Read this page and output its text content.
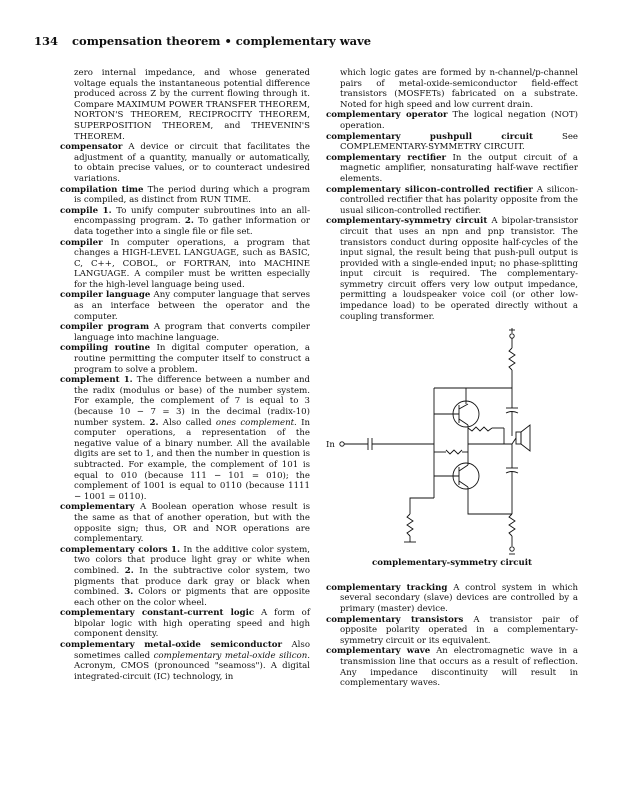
134 compensation theorem • complementary wave

zero internal impedance, and whose generated voltage equals the instantaneous potential difference produced across Z by the current flowing through it. Compare MAXIMUM POWER TRANSFER THEOREM, NORTON'S THEOREM, RECIPROCITY THEOREM, SUPERPOSITION THEOREM, and THEVENIN'S THEOREM.

compensator A device or circuit that facilitates the adjustment of a quantity, manually or automatically, to obtain precise values, or to counteract undesired variations.

compilation time The period during which a program is compiled, as distinct from RUN TIME.

compile 1. To unify computer subroutines into an all-encompassing program. 2. To gather information or data together into a single file or file set.

compiler In computer operations, a program that changes a HIGH-LEVEL LANGUAGE, such as BASIC, C, C++, COBOL, or FORTRAN, into MACHINE LANGUAGE. A compiler must be written especially for the high-level language being used.

compiler language Any computer language that serves as an interface between the operator and the computer.

compiler program A program that converts compiler language into machine language.

compiling routine In digital computer operation, a routine permitting the computer itself to construct a program to solve a problem.

complement 1. The difference between a number and the radix (modulus or base) of the number system. For example, the complement of 7 is equal to 3 (because 10 − 7 = 3) in the decimal (radix-10) number system. 2. Also called ones complement. In computer operations, a representation of the negative value of a binary number. All the available digits are set to 1, and then the number in question is subtracted. For example, the complement of 101 is equal to 010 (because 111 − 101 = 010); the complement of 1001 is equal to 0110 (because 1111 − 1001 = 0110).

complementary A Boolean operation whose result is the same as that of another operation, but with the opposite sign; thus, OR and NOR operations are complementary.

complementary colors 1. In the additive color system, two colors that produce light gray or white when combined. 2. In the subtractive color system, two pigments that produce dark gray or black when combined. 3. Colors or pigments that are opposite each other on the color wheel.

complementary constant-current logic A form of bipolar logic with high operating speed and high component density.

complementary metal-oxide semiconductor Also sometimes called complementary metal-oxide silicon. Acronym, CMOS (pronounced "seamoss"). A digital integrated-circuit (IC) technology, in

which logic gates are formed by n-channel/p-channel pairs of metal-oxide-semiconductor field-effect transistors (MOSFETs) fabricated on a substrate. Noted for high speed and low current drain.

complementary operator The logical negation (NOT) operation.

complementary pushpull circuit	See COMPLEMENTARY-SYMMETRY CIRCUIT.

complementary rectifier In the output circuit of a magnetic amplifier, nonsaturating half-wave rectifier elements.

complementary silicon-controlled rectifier A silicon-controlled rectifier that has polarity opposite from the usual silicon-controlled rectifier.

complementary-symmetry circuit A bipolar-transistor circuit that uses an npn and pnp transistor. The transistors conduct during opposite half-cycles of the input signal, the result being that push-pull output is provided with a single-ended input; no phase-splitting input circuit is required. The complementary-symmetry circuit offers very low output impedance, permitting a loudspeaker voice coil (or other low-impedance load) to be operated directly without a coupling transformer.

In

complementary-symmetry circuit

complementary tracking A control system in which several secondary (slave) devices are controlled by a primary (master) device.

complementary transistors A transistor pair of opposite polarity operated in a complementary-symmetry circuit or its equivalent.

complementary wave An electromagnetic wave in a transmission line that occurs as a result of reflection. Any impedance discontinuity will result in complementary waves.
